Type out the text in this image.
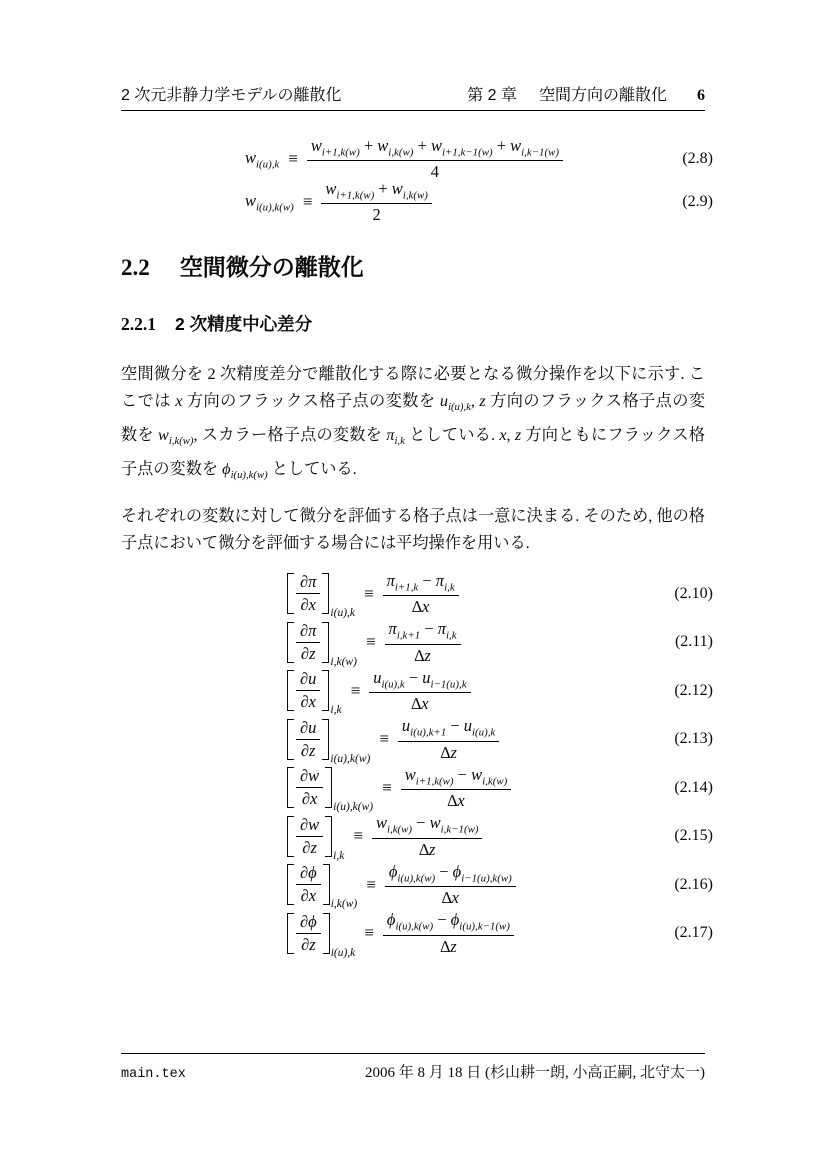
2 次元非静力学モデルの離散化	第 2 章 空間方向の離散化 6
$w_{i(u),k} \equiv \frac{w_{i+1,k(w)} + w_{i,k(w)} + w_{i+1,k-1(w)} + w_{i,k-1(w)}}{4}$	(2.8)
$w_{i(u),k(w)} \equiv \frac{w_{i+1,k(w)} + w_{i,k(w)}}{2}$	(2.9)
2.2 空間微分の離散化
2.2.1 2 次精度中心差分

空間微分を 2 次精度差分で離散化する際に必要となる微分操作を以下に示す. ここでは x 方向のフラックス格子点の変数を $u_{i(u),k}$, z 方向のフラックス格子点の変数を $w_{i,k(w)}$, スカラー格子点の変数を $\pi_{i,k}$ としている. x, z 方向ともにフラックス格子点の変数を $\phi_{i(u),k(w)}$ としている.

それぞれの変数に対して微分を評価する格子点は一意に決まる. そのため, 他の格子点において微分を評価する場合には平均操作を用いる.

$\frac{\partial\pi}{\partial x} i(u),k$
≡ $\frac{\pi_{i+1,k} - \pi_{i,k}}{\Delta x}$	(2.10)
$\frac{\partial\pi}{\partial z} i,k(w)$
≡ $\frac{\pi_{i,k+1} - \pi_{i,k}}{\Delta z}$	(2.11)
$\frac{\partial u}{\partial x} i,k$
≡ $\frac{u_{i(u),k} - u_{i-1(u),k}}{\Delta x}$	(2.12)
$\frac{\partial u}{\partial z} i(u),k(w)$
≡ $\frac{u_{i(u),k+1} - u_{i(u),k}}{\Delta z}$	(2.13)
$\frac{\partial w}{\partial x} i(u),k(w)$
≡ $\frac{w_{i+1,k(w)} - w_{i,k(w)}}{\Delta x}$	(2.14)
$\frac{\partial w}{\partial z} i,k$
≡ $\frac{w_{i,k(w)} - w_{i,k-1(w)}}{\Delta z}$	(2.15)
$\frac{\partial\phi}{\partial x} i,k(w)$
≡ $\frac{\phi_{i(u),k(w)} - \phi_{i-1(u),k(w)}}{\Delta x}$	(2.16)
$\frac{\partial\phi}{\partial z} i(u),k$
≡ $\frac{\phi_{i(u),k(w)} - \phi_{i(u),k-1(w)}}{\Delta z}$	(2.17)
main.tex	2006 年 8 月 18 日 (杉山耕一朗, 小高正嗣, 北守太一)
